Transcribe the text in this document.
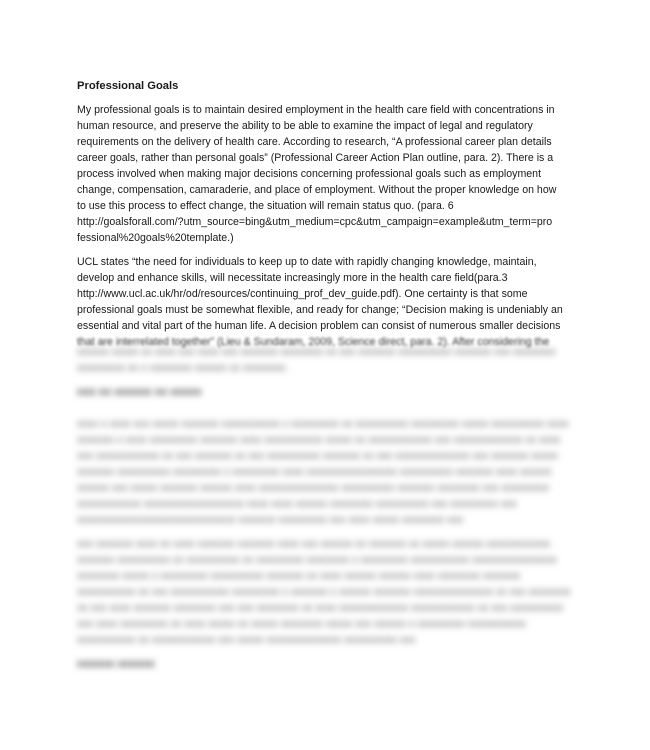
Professional Goals
My professional goals is to maintain desired employment in the health care field with concentrations in
human resource, and preserve the ability to be able to examine the impact of legal and regulatory
requirements on the delivery of health care. According to research, “A professional career plan details
career goals, rather than personal goals” (Professional Career Action Plan outline, para. 2). There is a
process involved when making major decisions concerning professional goals such as employment
change, compensation, camaraderie, and place of employment. Without the proper knowledge on how
to use this process to effect change, the situation will remain status quo. (para. 6
http://goalsforall.com/?utm_source=bing&utm_medium=cpc&utm_campaign=example&utm_term=pro
fessional%20goals%20template.)
UCL states “the need for individuals to keep up to date with rapidly changing knowledge, maintain,
develop and enhance skills, will necessitate increasingly more in the health care field(para.3
http://www.ucl.ac.uk/hr/od/resources/continuing_prof_dev_guide.pdf). One certainty is that some
professional goals must be somewhat flexible, and ready for change; “Decision making is undeniably an
essential and vital part of the human life. A decision problem can consist of numerous smaller decisions
that are interrelated together” (Lieu & Sundaram, 2009, Science direct, para. 2). After considering the
xxxxxx xxxxx xx xxxx xxx xxxx xxx xxxxxxx xxxxxxxx xx xxx xxxxxxx xxxxxxxxxx xxxxxxx xxx xxxxxxxx xxxxxxxxx xx x xxxxxxxx xxxxxx xx xxxxxxxx.
xxx xx xxxxxx xx xxxxx
xxxx x xxxx xxx xxxxx xxxxxxx xxxxxxxxxxx x xxxxxxxxx xx xxxxxxxxxx xxxxxxxxx xxxxx xxxxxxxxxx xxxx xxxxxxx x xxxx xxxxxxxxx xxxxxxx xxxx xxxxxxxxxxx xxxxx xx xxxxxxxxxxxx xxx xxxxxxxxxxxxx xx xxxx xxx xxxxxxxxxxxx xx xxx xxxxxxx xx xxx xxxxxxxxxx xxxxxxx xx xxx xxxxxxxxxxxxxx xxx xxxxxxx xxxxx xxxxxxx xxxxxxxxxx xxxxxxxxx x xxxxxxxxx xxxx xxxxxxxxxxxxxxxxx xxxxxxxxxx xxxxxxx xxxx xxxxxx xxxxxx xxx xxxxx xxxxxxx xxxxxx xxxx xxxxxxxxxxxxxxx xxxxxxxxxx xxxxxxx xxxxxxxx xxx xxxxxxxxx xxxxxxxxxxxx xxxxxxxxxxxxxxxxxxx xxxx xxxx xxxxxx xxxxxxxx xxxxxxxxxx xxx xxxxxxxxx xxx xxxxxxxxxxxxxxxxxxxxxxxxxxxxxx xxxxxxx xxxxxxxxx xxx xxxx xxxxx xxxxxxxx xxx
xxx xxxxxxx xxxx xx xxxx xxxxxxx xxxxxxx xxxx xxx xxxxxx xx xxxxxxx xx xxxxx xxxxxx xxxxxxxxxxxx xxxxxxx xxxxxxxxxx xx xxxxxxxxxx xx xxxxxxxxx xxxxxxxx x xxxxxxxxx xxxxxxxxxxx xxxxxxxxxxxxxxxx xxxxxxxx xxxxx x xxxxxxxxx xxxxxxxxxx xxxxxxx xx xxxx xxxxxx xxxxxx xxxx xxxxxxxx xxxxxxx xxxxxxxxxxx xx xxx xxxxxxxxxxx xxxxxxxxx x xxxxxxx x xxxxxx xxxxxxx xxxxxxxxxxxxxxx xx xxx xxxxxxxx xx xxx xxxx xxxxxxx xxxxxxxx xxx xxx xxxxxxxx xx xxxx xxxxxxxxxxxxx xxxxxxxxxxxx xx xxx xxxxxxxxxx xxx xxxx xxxxxxxxx xx xxxx xxxxx xx xxxxx xxxxxxxx xxxxx xxx xxxxxx x xxxxxxxxx xxxxxxxxxxx xxxxxxxxxxx xx xxxxxxxxxxxx xxx xxxxx xxxxxxxxxxxxxx xxxxxxxxxx xxx
xxxxxx xxxxxx
